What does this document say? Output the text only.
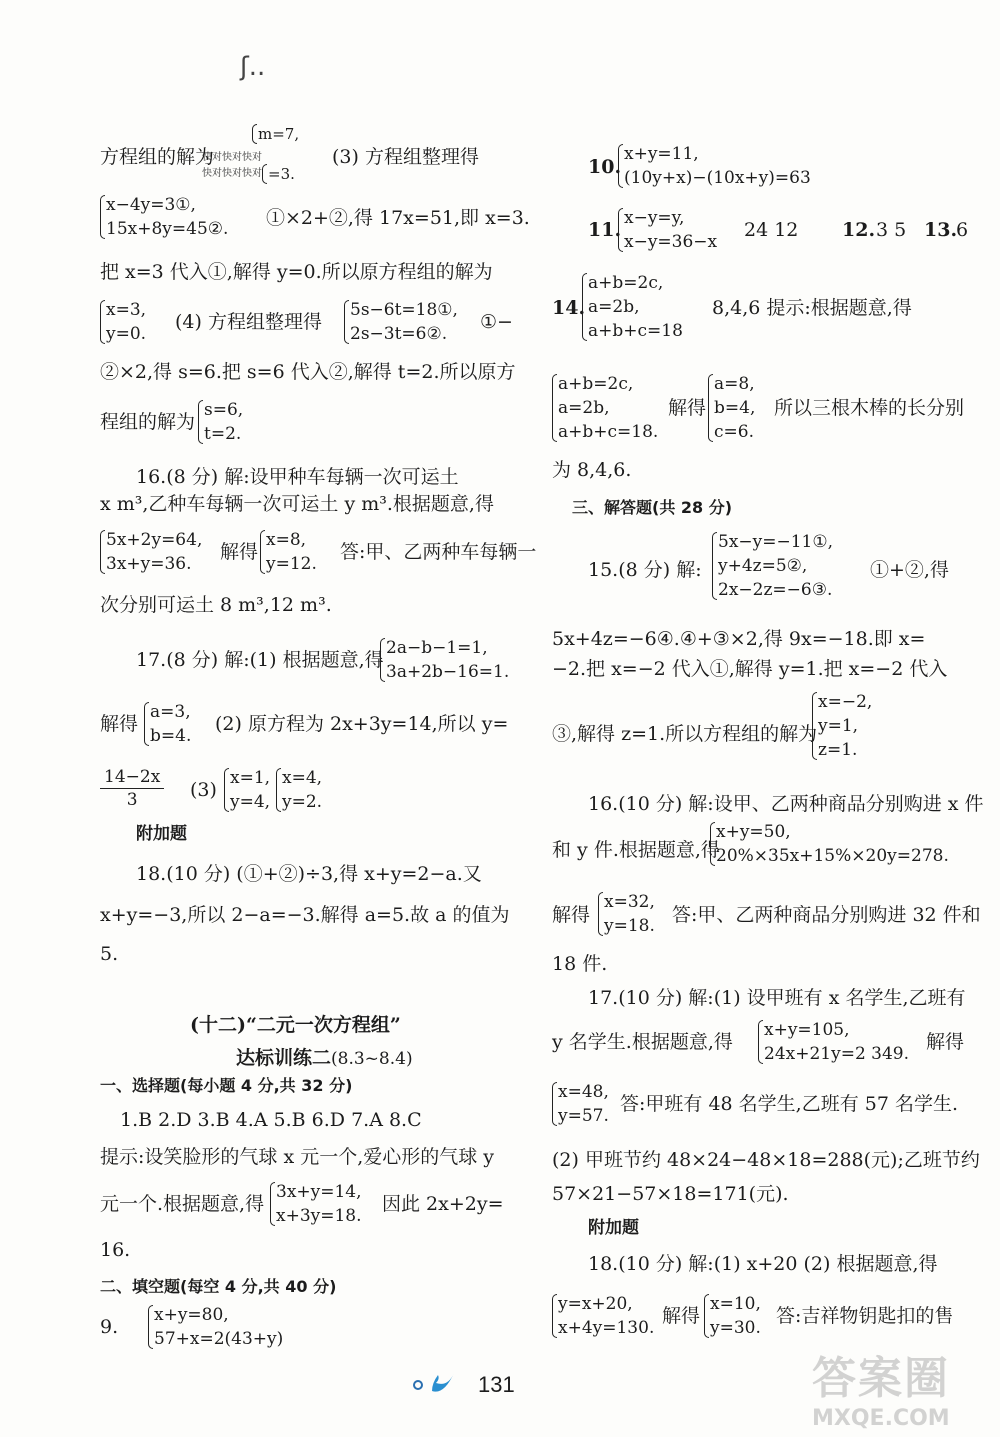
ʃ..
快对快对快对
快对快对快对
m=7,
=3.
方程组的解为	(3) 方程组整理得
x−4y=3①,
15x+8y=45②. ①×2+②,得 17x=51,即 x=3.
把 x=3 代入①,解得 y=0.所以原方程组的解为
x=3,
y=0.
(4) 方程组整理得
5s−6t=18①,
2s−3t=6②.
①−
②×2,得 s=6.把 s=6 代入②,解得 t=2.所以原方
程组的解为
s=6,
t=2.
16.(8 分) 解:设甲种车每辆一次可运土
x m³,乙种车每辆一次可运土 y m³.根据题意,得
5x+2y=64,
3x+y=36.
解得
x=8,
y=12.
答:甲、乙两种车每辆一
次分别可运土 8 m³,12 m³.
17.(8 分) 解:(1) 根据题意,得
2a−b−1=1,
3a+2b−16=1.
解得
a=3,
b=4.
(2) 原方程为 2x+3y=14,所以 y=
$\frac{14-2x}{3} (3)$
x=1,
y=4,
x=4,
y=2.
附加题
18.(10 分) (①+②)÷3,得 x+y=2−a.又
x+y=−3,所以 2−a=−3.解得 a=5.故 a 的值为
5.
(十二)“二元一次方程组”
达标训练二(8.3~8.4)
一、选择题(每小题 4 分,共 32 分)
1.B 2.D 3.B 4.A 5.B 6.D 7.A 8.C
提示:设笑脸形的气球 x 元一个,爱心形的气球 y
元一个.根据题意,得
3x+y=14,
x+3y=18.
因此 2x+2y=
16.
二、填空题(每空 4 分,共 40 分)
9.
x+y=80,
57+x=2(43+y)
10.
x+y=11,
(10y+x)−(10x+y)=63
11.
x−y=y,
x−y=36−x
24 12 12. 3 5 13.
6
14.
a+b=2c,
a=2b,
a+b+c=18
8,4,6 提示:根据题意,得
a+b=2c,
a=2b,
a+b+c=18.
解得
a=8,
b=4,
c=6.
所以三根木棒的长分别
为 8,4,6.
三、解答题(共 28 分)
15.(8 分) 解:
5x−y=−11①,
y+4z=5②,
2x−2z=−6③.
①+②,得
5x+4z=−6④.④+③×2,得 9x=−18.即 x=
−2.把 x=−2 代入①,解得 y=1.把 x=−2 代入
③,解得 z=1.所以方程组的解为
x=−2,
y=1,
z=1.
16.(10 分) 解:设甲、乙两种商品分别购进 x 件
和 y 件.根据题意,得
x+y=50,
20%×35x+15%×20y=278.
解得
x=32,
y=18. 答:甲、乙两种商品分别购进 32 件和
18 件.
17.(10 分) 解:(1) 设甲班有 x 名学生,乙班有
y 名学生.根据题意,得
x+y=105,
24x+21y=2 349.
解得
x=48,
y=57.
答:甲班有 48 名学生,乙班有 57 名学生.
(2) 甲班节约 48×24−48×18=288(元);乙班节约
57×21−57×18=171(元).
附加题
18.(10 分) 解:(1) x+20 (2) 根据题意,得
y=x+20,
x+4y=130.
解得
x=10,
y=30.
答:吉祥物钥匙扣的售
131	答案圈
MXQE.COM
